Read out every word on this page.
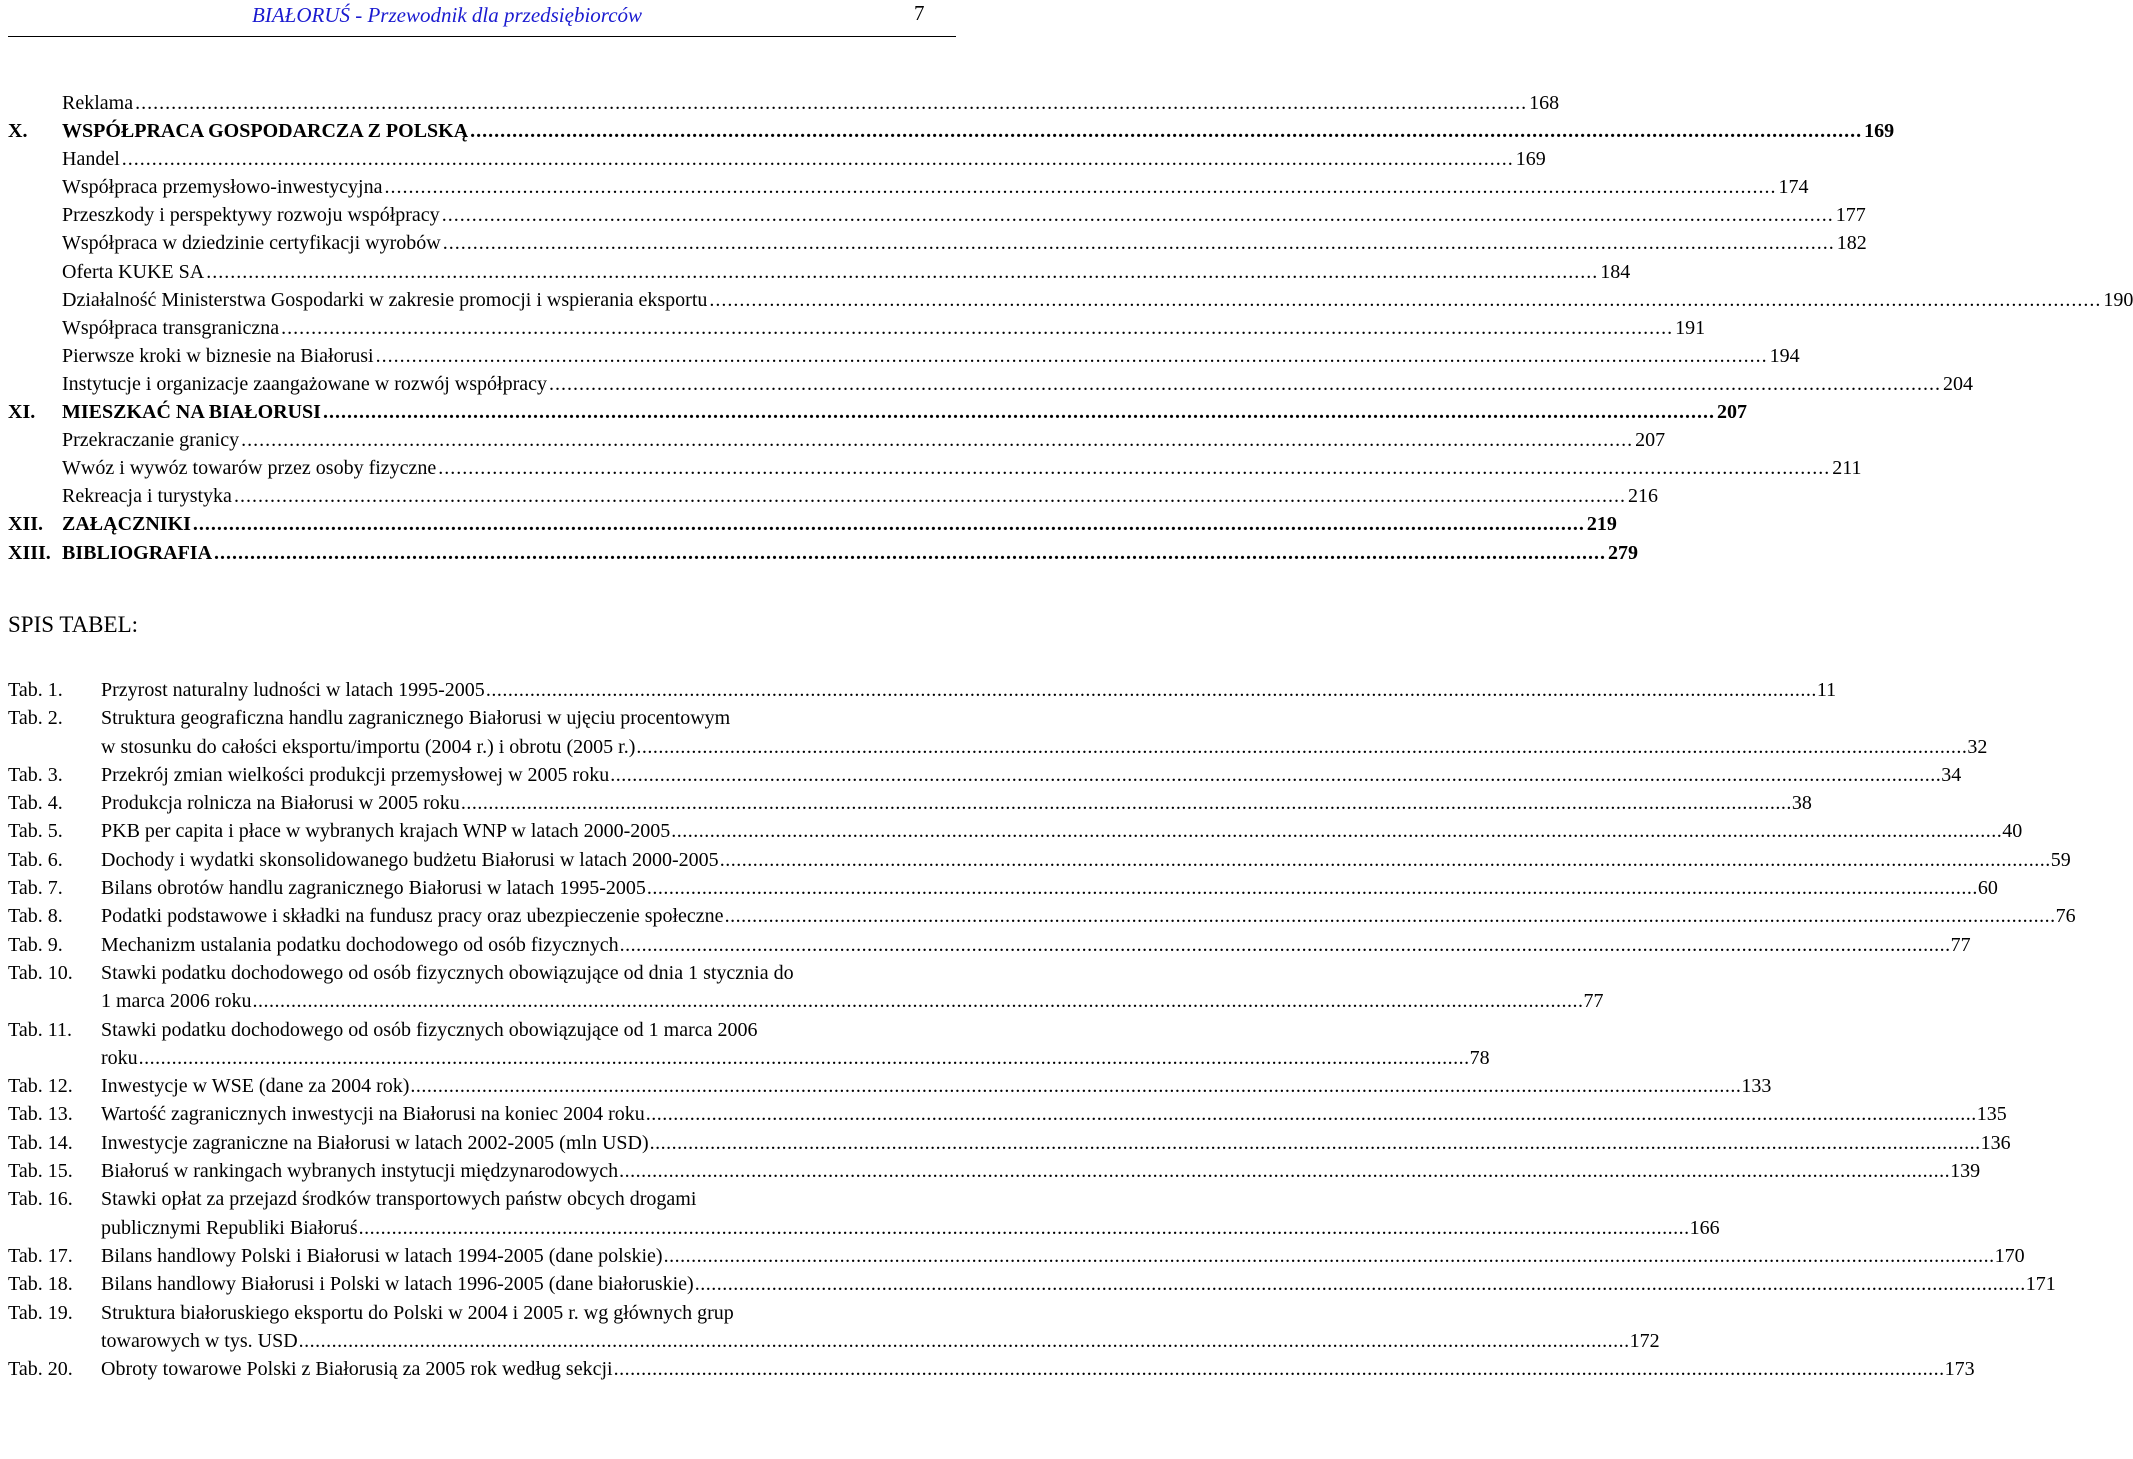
BIAŁORUŚ - Przewodnik dla przedsiębiorców	7
Reklama .....	168
X.	WSPÓŁPRACA GOSPODARCZA Z POLSKĄ .....	169
Handel .....	169
Współpraca przemysłowo-inwestycyjna .....	174
Przeszkody i perspektywy rozwoju współpracy .....	177
Współpraca w dziedzinie certyfikacji wyrobów .....	182
Oferta KUKE SA .....	184
Działalność Ministerstwa Gospodarki w zakresie promocji i wspierania eksportu .....	190
Współpraca transgraniczna .....	191
Pierwsze kroki w biznesie na Białorusi .....	194
Instytucje i organizacje zaangażowane w rozwój współpracy .....	204
XI.	MIESZKAĆ NA BIAŁORUSI .....	207
Przekraczanie granicy .....	207
Wwóz i wywóz towarów przez osoby fizyczne .....	211
Rekreacja i turystyka .....	216
XII. ZAŁĄCZNIKI .....	219
XIII. BIBLIOGRAFIA .....	279
SPIS TABEL:
Tab. 1.	Przyrost naturalny ludności w latach 1995-2005 .....	11
Tab. 2.	Struktura geograficzna handlu zagranicznego Białorusi w ujęciu procentowym
w stosunku do całości eksportu/importu (2004 r.) i obrotu (2005 r.) .....	32
Tab. 3.	Przekrój zmian wielkości produkcji przemysłowej w 2005 roku .....	34
Tab. 4.	Produkcja rolnicza na Białorusi w 2005 roku .....	38
Tab. 5.	PKB per capita i płace w wybranych krajach WNP w latach 2000-2005 .....	40
Tab. 6.	Dochody i wydatki skonsolidowanego budżetu Białorusi w latach 2000-2005 .....	59
Tab. 7.	Bilans obrotów handlu zagranicznego Białorusi w latach 1995-2005 .....	60
Tab. 8.	Podatki podstawowe i składki na fundusz pracy oraz ubezpieczenie społeczne .....	76
Tab. 9.	Mechanizm ustalania podatku dochodowego od osób fizycznych .....	77
Tab. 10.	Stawki podatku dochodowego od osób fizycznych obowiązujące od dnia 1 stycznia do
1 marca 2006 roku .....	77
Tab. 11.	Stawki podatku dochodowego od osób fizycznych obowiązujące od 1 marca 2006
roku .....	78
Tab. 12.	Inwestycje w WSE (dane za 2004 rok) .....	133
Tab. 13.	Wartość zagranicznych inwestycji na Białorusi na koniec 2004 roku .....	135
Tab. 14.	Inwestycje zagraniczne na Białorusi w latach 2002-2005 (mln USD) .....	136
Tab. 15.	Białoruś w rankingach wybranych instytucji międzynarodowych .....	139
Tab. 16.	Stawki opłat za przejazd środków transportowych państw obcych drogami
publicznymi Republiki Białoruś .....	166
Tab. 17.	Bilans handlowy Polski i Białorusi w latach 1994-2005 (dane polskie) .....	170
Tab. 18.	Bilans handlowy Białorusi i Polski w latach 1996-2005 (dane białoruskie) .....	171
Tab. 19.	Struktura białoruskiego eksportu do Polski w 2004 i 2005 r. wg głównych grup
towarowych w tys. USD .....	172
Tab. 20.	Obroty towarowe Polski z Białorusią za 2005 rok według sekcji .....	173
